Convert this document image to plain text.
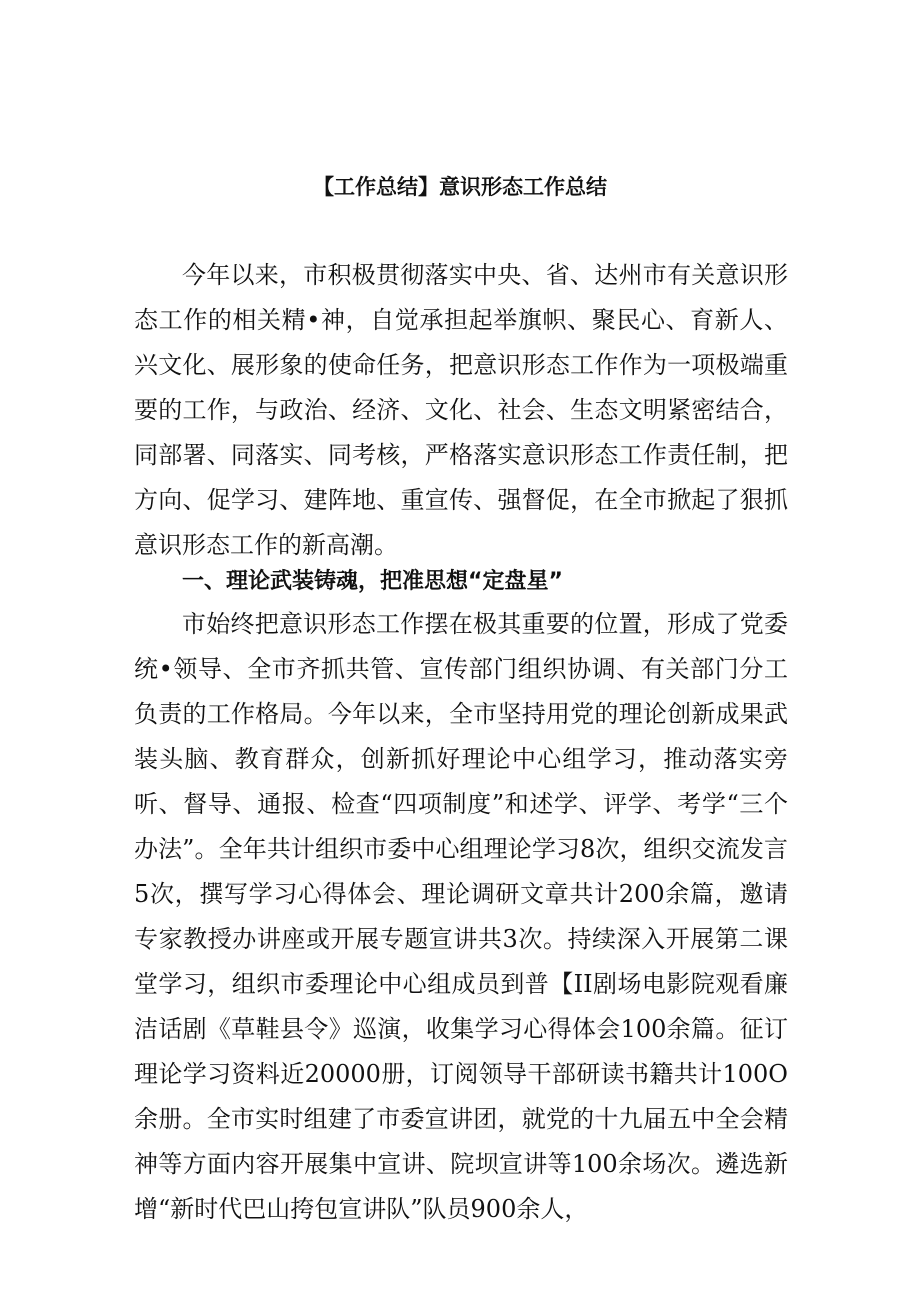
【工作总结】意识形态工作总结

今年以来，市积极贯彻落实中央、省、达州市有关意识形态工作的相关精•神，自觉承担起举旗帜、聚民心、育新人、兴文化、展形象的使命任务，把意识形态工作作为一项极端重要的工作，与政治、经济、文化、社会、生态文明紧密结合，同部署、同落实、同考核，严格落实意识形态工作责任制，把方向、促学习、建阵地、重宣传、强督促，在全市掀起了狠抓意识形态工作的新高潮。

一、理论武装铸魂，把准思想“定盘星”

市始终把意识形态工作摆在极其重要的位置，形成了党委统•领导、全市齐抓共管、宣传部门组织协调、有关部门分工负责的工作格局。今年以来，全市坚持用党的理论创新成果武装头脑、教育群众，创新抓好理论中心组学习，推动落实旁听、督导、通报、检查“四项制度”和述学、评学、考学“三个办法”。全年共计组织市委中心组理论学习8次，组织交流发言5次，撰写学习心得体会、理论调研文章共计200余篇，邀请专家教授办讲座或开展专题宣讲共3次。持续深入开展第二课堂学习，组织市委理论中心组成员到普【II剧场电影院观看廉洁话剧《草鞋县令》巡演，收集学习心得体会100余篇。征订理论学习资料近20000册，订阅领导干部研读书籍共计100O余册。全市实时组建了市委宣讲团，就党的十九届五中全会精神等方面内容开展集中宣讲、院坝宣讲等100余场次。遴选新增“新时代巴山挎包宣讲队”队员900余人，
